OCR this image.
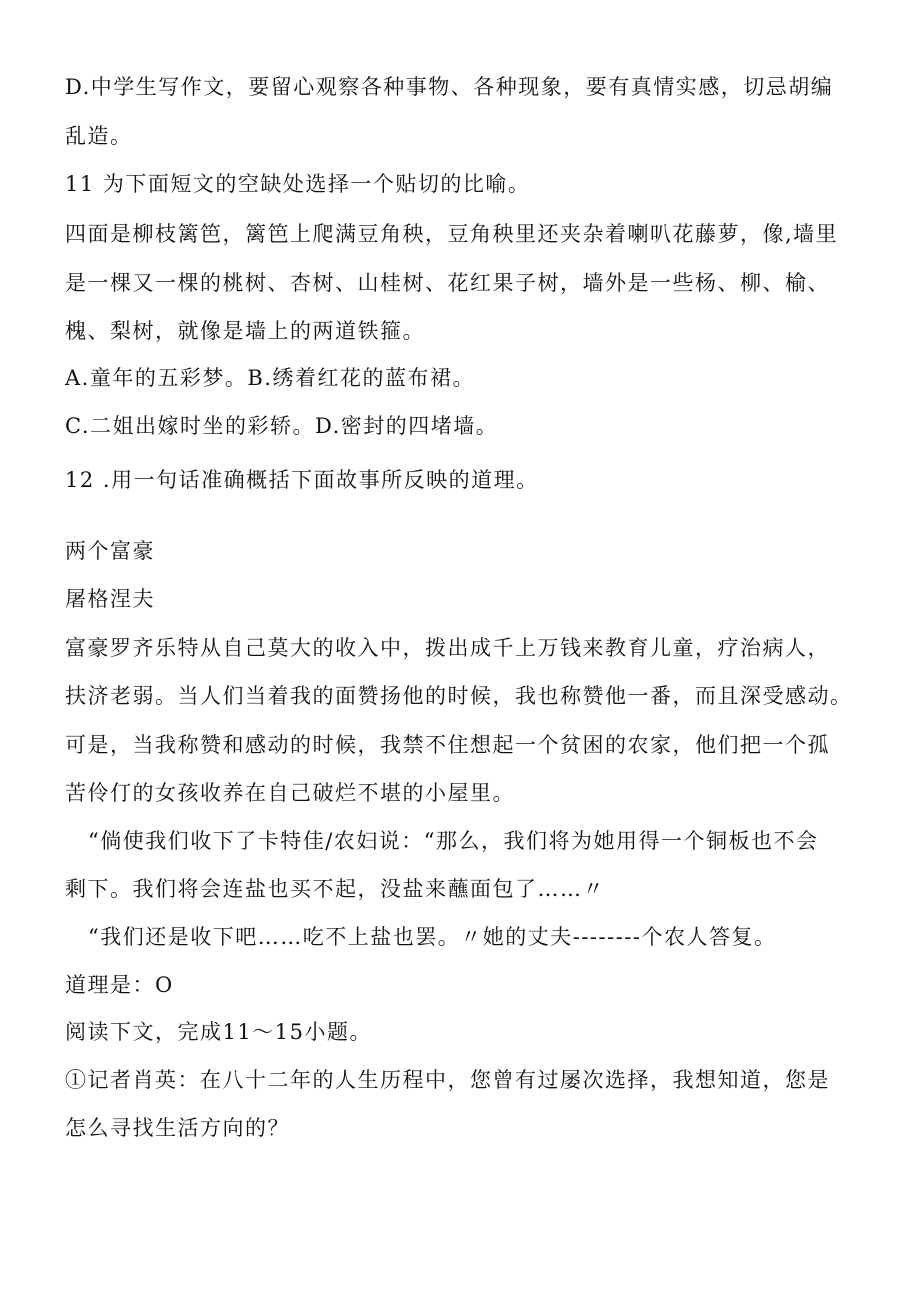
D.中学生写作文，要留心观察各种事物、各种现象，要有真情实感，切忌胡编
乱造。
11 为下面短文的空缺处选择一个贴切的比喻。
四面是柳枝篱笆，篱笆上爬满豆角秧，豆角秧里还夹杂着喇叭花藤萝，像,墙里
是一棵又一棵的桃树、杏树、山桂树、花红果子树，墙外是一些杨、柳、榆、
槐、梨树，就像是墙上的两道铁箍。
A.童年的五彩梦。B.绣着红花的蓝布裙。
C.二姐出嫁时坐的彩轿。D.密封的四堵墙。
12 .用一句话准确概括下面故事所反映的道理。
两个富豪
屠格涅夫
富豪罗齐乐特从自己莫大的收入中，拨出成千上万钱来教育儿童，疗治病人，
扶济老弱。当人们当着我的面赞扬他的时候，我也称赞他一番，而且深受感动。
可是，当我称赞和感动的时候，我禁不住想起一个贫困的农家，他们把一个孤
苦伶仃的女孩收养在自己破烂不堪的小屋里。
“倘使我们收下了卡特佳/农妇说：“那么，我们将为她用得一个铜板也不会
剩下。我们将会连盐也买不起，没盐来蘸面包了……〃
“我们还是收下吧……吃不上盐也罢。〃她的丈夫--------个农人答复。
道理是：O
阅读下文，完成11～15小题。
①记者肖英：在八十二年的人生历程中，您曾有过屡次选择，我想知道，您是
怎么寻找生活方向的？
